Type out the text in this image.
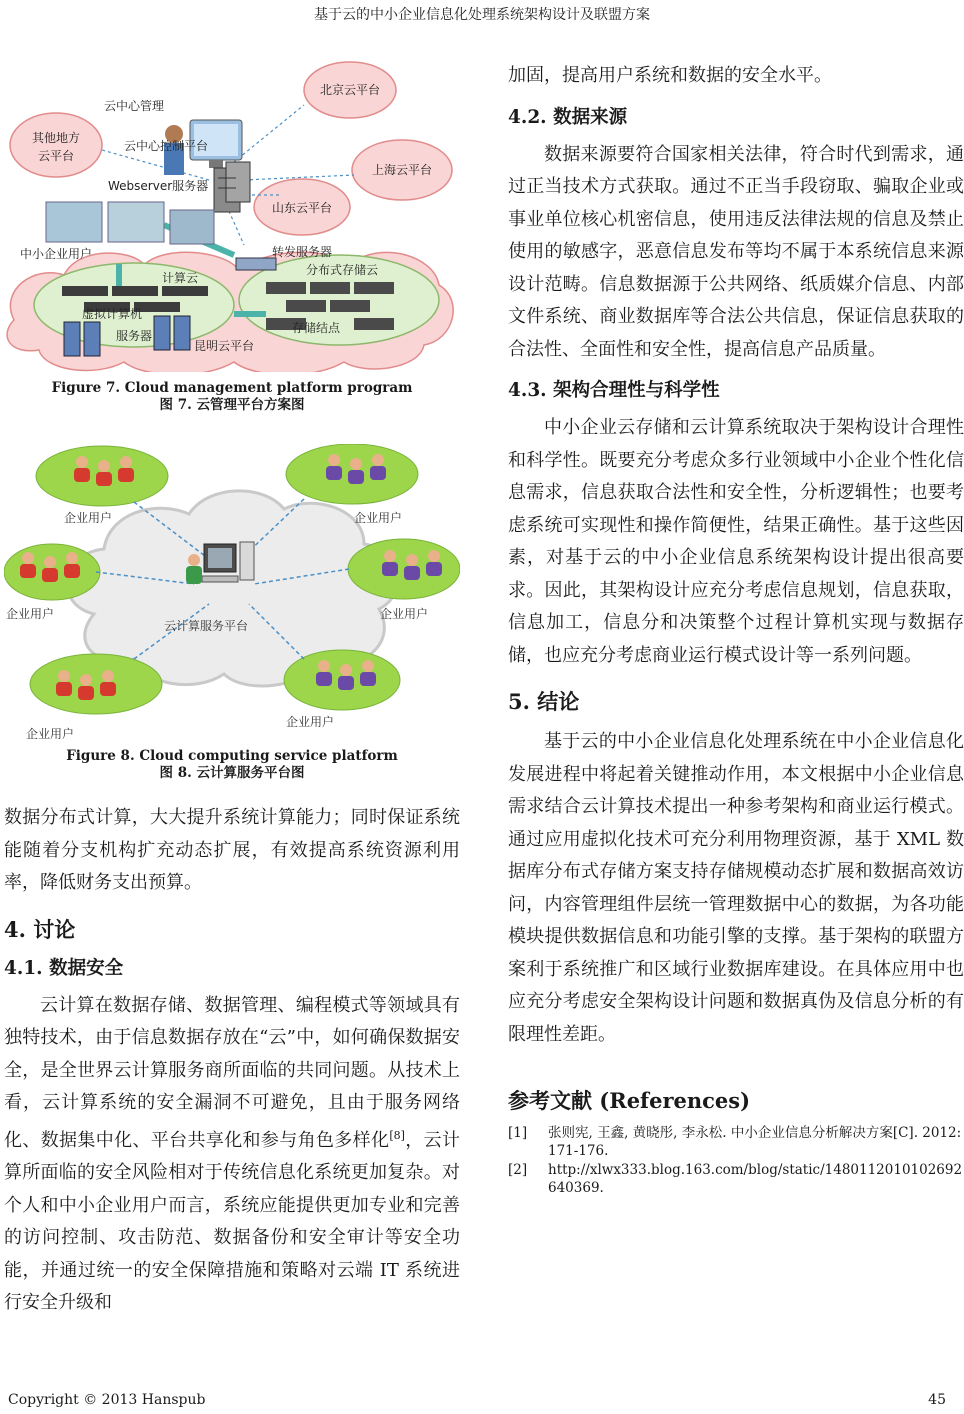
基于云的中小企业信息化处理系统架构设计及联盟方案
云中心管理
云中心控制平台
其他地方
云平台
北京云平台
上海云平台
山东云平台
Webserver服务器
中小企业用户	转发服务器
计算云
分布式存储云
虚拟计算机
服务器
昆明云平台
存储结点
Figure 7. Cloud management platform program
图 7. 云管理平台方案图
企业用户	企业用户
企业用户	企业用户
企业用户
企业用户
云计算服务平台
Figure 8. Cloud computing service platform
图 8. 云计算服务平台图

数据分布式计算，大大提升系统计算能力；同时保证系统能随着分支机构扩充动态扩展，有效提高系统资源利用率，降低财务支出预算。

4. 讨论
4.1. 数据安全

云计算在数据存储、数据管理、编程模式等领域具有独特技术，由于信息数据存放在“云”中，如何确保数据安全，是全世界云计算服务商所面临的共同问题。从技术上看，云计算系统的安全漏洞不可避免，且由于服务网络化、数据集中化、平台共享化和参与角色多样化[8]，云计算所面临的安全风险相对于传统信息化系统更加复杂。对个人和中小企业用户而言，系统应能提供更加专业和完善的访问控制、攻击防范、数据备份和安全审计等安全功能，并通过统一的安全保障措施和策略对云端 IT 系统进行安全升级和

加固，提高用户系统和数据的安全水平。

4.2. 数据来源

数据来源要符合国家相关法律，符合时代到需求，通过正当技术方式获取。通过不正当手段窃取、骗取企业或事业单位核心机密信息，使用违反法律法规的信息及禁止使用的敏感字，恶意信息发布等均不属于本系统信息来源设计范畴。信息数据源于公共网络、纸质媒介信息、内部文件系统、商业数据库等合法公共信息，保证信息获取的合法性、全面性和安全性，提高信息产品质量。

4.3. 架构合理性与科学性

中小企业云存储和云计算系统取决于架构设计合理性和科学性。既要充分考虑众多行业领域中小企业个性化信息需求，信息获取合法性和安全性，分析逻辑性；也要考虑系统可实现性和操作简便性，结果正确性。基于这些因素，对基于云的中小企业信息系统架构设计提出很高要求。因此，其架构设计应充分考虑信息规划，信息获取，信息加工，信息分和决策整个过程计算机实现与数据存储，也应充分考虑商业运行模式设计等一系列问题。

5. 结论

基于云的中小企业信息化处理系统在中小企业信息化发展进程中将起着关键推动作用，本文根据中小企业信息需求结合云计算技术提出一种参考架构和商业运行模式。通过应用虚拟化技术可充分利用物理资源，基于 XML 数据库分布式存储方案支持存储规模动态扩展和数据高效访问，内容管理组件层统一管理数据中心的数据，为各功能模块提供数据信息和功能引擎的支撑。基于架构的联盟方案利于系统推广和区域行业数据库建设。在具体应用中也应充分考虑安全架构设计问题和数据真伪及信息分析的有限理性差距。

参考文献 (References)
[1] 张则宪, 王鑫, 黄晓彤, 李永松. 中小企业信息分析解决方案[C]. 2012: 171-176.
[2] http://xlwx333.blog.163.com/blog/static/1480112010102692640369.
Copyright © 2013 Hanspub	45
